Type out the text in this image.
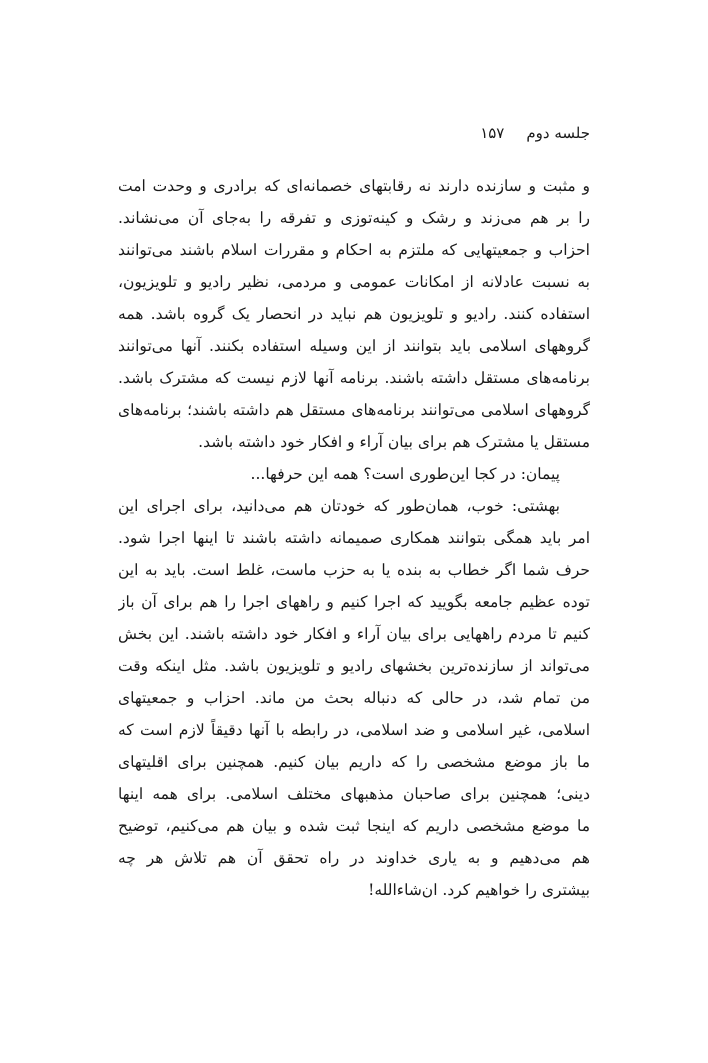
جلسه دوم
۱۵۷
و مثبت و سازنده دارند نه رقابتهای خصمانه‌ای که برادری و وحدت امت
را بر هم می‌زند و رشک و کینه‌توزی و تفرقه را به‌جای آن می‌نشاند.
احزاب و جمعیتهایی که ملتزم به احکام و مقررات اسلام باشند می‌توانند
به نسبت عادلانه از امکانات عمومی و مردمی، نظیر رادیو و تلویزیون،
استفاده کنند. رادیو و تلویزیون هم نباید در انحصار یک گروه باشد. همه
گروههای اسلامی باید بتوانند از این وسیله استفاده بکنند. آنها می‌توانند
برنامه‌های مستقل داشته باشند. برنامه آنها لازم نیست که مشترک باشد.
گروههای اسلامی می‌توانند برنامه‌های مستقل هم داشته باشند؛ برنامه‌های
مستقل یا مشترک هم برای بیان آراء و افکار خود داشته باشد.
پیمان: در کجا این‌طوری است؟ همه این حرفها...
بهشتی: خوب، همان‌طور که خودتان هم می‌دانید، برای اجرای این
امر باید همگی بتوانند همکاری صمیمانه داشته باشند تا اینها اجرا شود.
حرف شما اگر خطاب به بنده یا به حزب ماست، غلط است. باید به این
توده عظیم جامعه بگویید که اجرا کنیم و راههای اجرا را هم برای آن باز
کنیم تا مردم راههایی برای بیان آراء و افکار خود داشته باشند. این بخش
می‌تواند از سازنده‌ترین بخشهای رادیو و تلویزیون باشد. مثل اینکه وقت
من تمام شد، در حالی که دنباله بحث من ماند. احزاب و جمعیتهای
اسلامی، غیر اسلامی و ضد اسلامی، در رابطه با آنها دقیقاً لازم است که
ما باز موضع مشخصی را که داریم بیان کنیم. همچنین برای اقلیتهای
دینی؛ همچنین برای صاحبان مذهبهای مختلف اسلامی. برای همه اینها
ما موضع مشخصی داریم که اینجا ثبت شده و بیان هم می‌کنیم، توضیح
هم می‌دهیم و به یاری خداوند در راه تحقق آن هم تلاش هر چه
بیشتری را خواهیم کرد. ان‌شاءالله!
